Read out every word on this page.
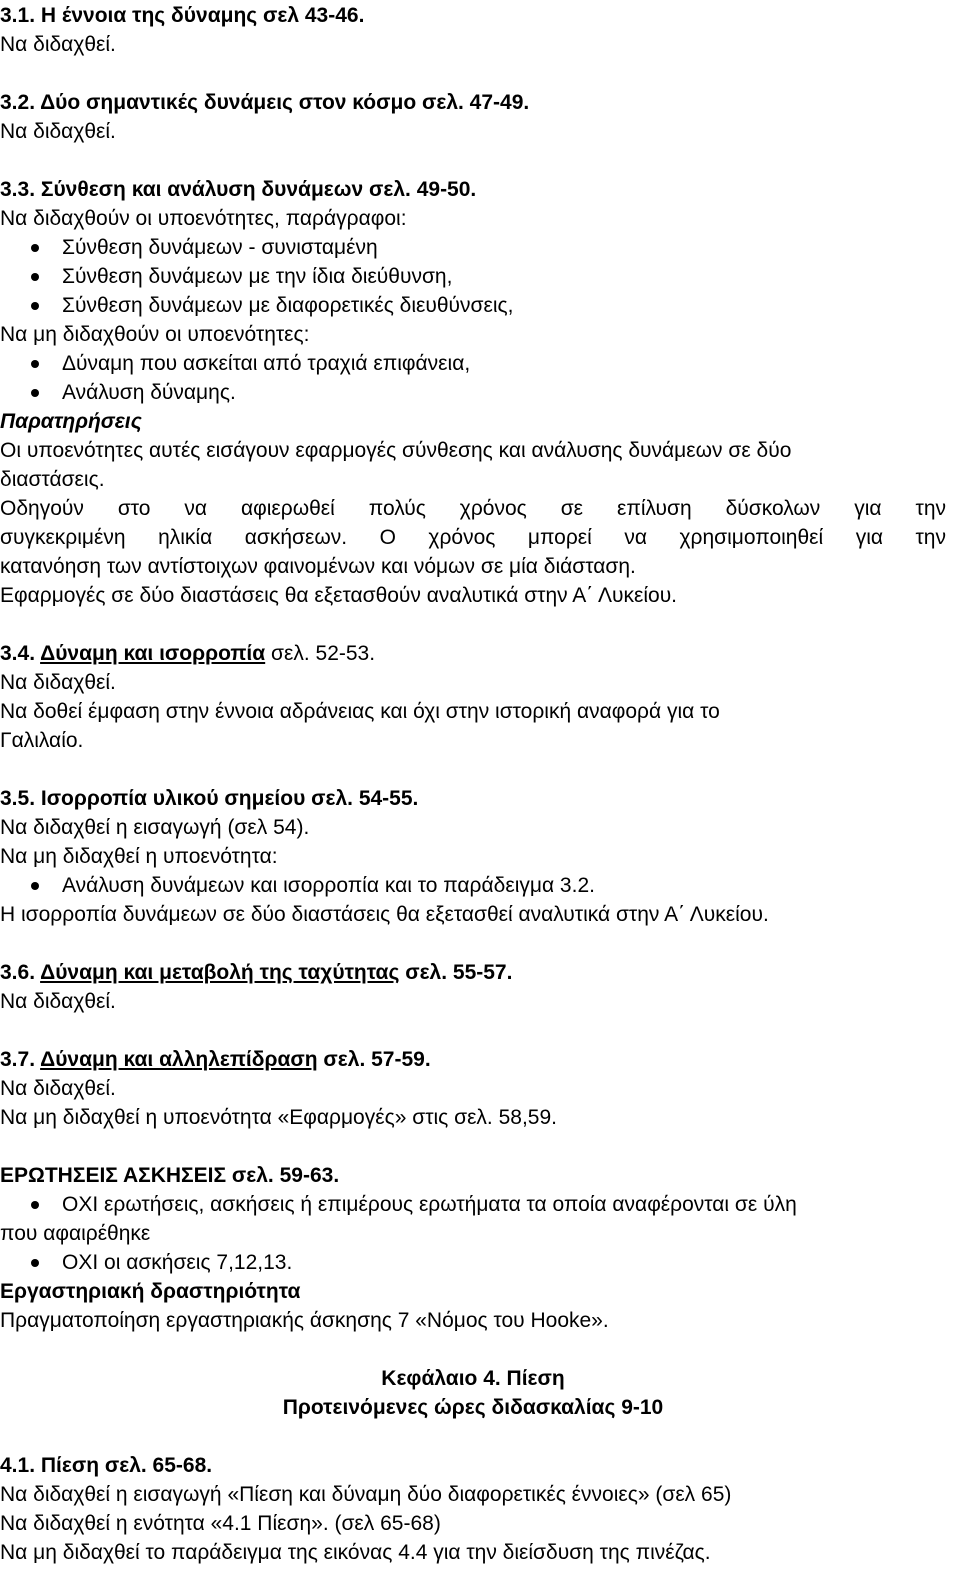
3.1. Η έννοια της δύναμης σελ 43-46.
Να διδαχθεί.
3.2. Δύο σημαντικές δυνάμεις στον κόσμο σελ. 47-49.
Να διδαχθεί.
3.3. Σύνθεση και ανάλυση δυνάμεων σελ. 49-50.
Να διδαχθούν οι υποενότητες, παράγραφοι:
Σύνθεση δυνάμεων - συνισταμένη
Σύνθεση δυνάμεων με την ίδια διεύθυνση,
Σύνθεση δυνάμεων με διαφορετικές διευθύνσεις,
Να μη διδαχθούν οι υποενότητες:
Δύναμη που ασκείται από τραχιά επιφάνεια,
Ανάλυση δύναμης.
Παρατηρήσεις
Οι υποενότητες αυτές εισάγουν εφαρμογές σύνθεσης και ανάλυσης δυνάμεων σε δύο
διαστάσεις.
Οδηγούν στο να αφιερωθεί πολύς χρόνος σε επίλυση δύσκολων για την
συγκεκριμένη ηλικία ασκήσεων. Ο χρόνος μπορεί να χρησιμοποιηθεί για την
κατανόηση των αντίστοιχων φαινομένων και νόμων σε μία διάσταση.
Εφαρμογές σε δύο διαστάσεις θα εξετασθούν αναλυτικά στην Α΄ Λυκείου.
3.4. Δύναμη και ισορροπία σελ. 52-53.
Να διδαχθεί.
Να δοθεί έμφαση στην έννοια αδράνειας και όχι στην ιστορική αναφορά για το
Γαλιλαίο.
3.5. Ισορροπία υλικού σημείου σελ. 54-55.
Να διδαχθεί η εισαγωγή (σελ 54).
Να μη διδαχθεί η υποενότητα:
Ανάλυση δυνάμεων και ισορροπία και το παράδειγμα 3.2.
Η ισορροπία δυνάμεων σε δύο διαστάσεις θα εξετασθεί αναλυτικά στην Α΄ Λυκείου.
3.6. Δύναμη και μεταβολή της ταχύτητας σελ. 55-57.
Να διδαχθεί.
3.7. Δύναμη και αλληλεπίδραση σελ. 57-59.
Να διδαχθεί.
Να μη διδαχθεί η υποενότητα «Εφαρμογές» στις σελ. 58,59.
ΕΡΩΤΗΣΕΙΣ ΑΣΚΗΣΕΙΣ σελ. 59-63.
ΟΧΙ ερωτήσεις, ασκήσεις ή επιμέρους ερωτήματα τα οποία αναφέρονται σε ύλη
που αφαιρέθηκε
ΟΧΙ οι ασκήσεις 7,12,13.
Εργαστηριακή δραστηριότητα
Πραγματοποίηση εργαστηριακής άσκησης 7 «Νόμος του Hooke».
Κεφάλαιο 4. Πίεση
Προτεινόμενες ώρες διδασκαλίας 9-10
4.1. Πίεση σελ. 65-68.
Να διδαχθεί η εισαγωγή «Πίεση και δύναμη δύο διαφορετικές έννοιες» (σελ 65)
Να διδαχθεί η ενότητα «4.1 Πίεση». (σελ 65-68)
Να μη διδαχθεί το παράδειγμα της εικόνας 4.4 για την διείσδυση της πινέζας.
